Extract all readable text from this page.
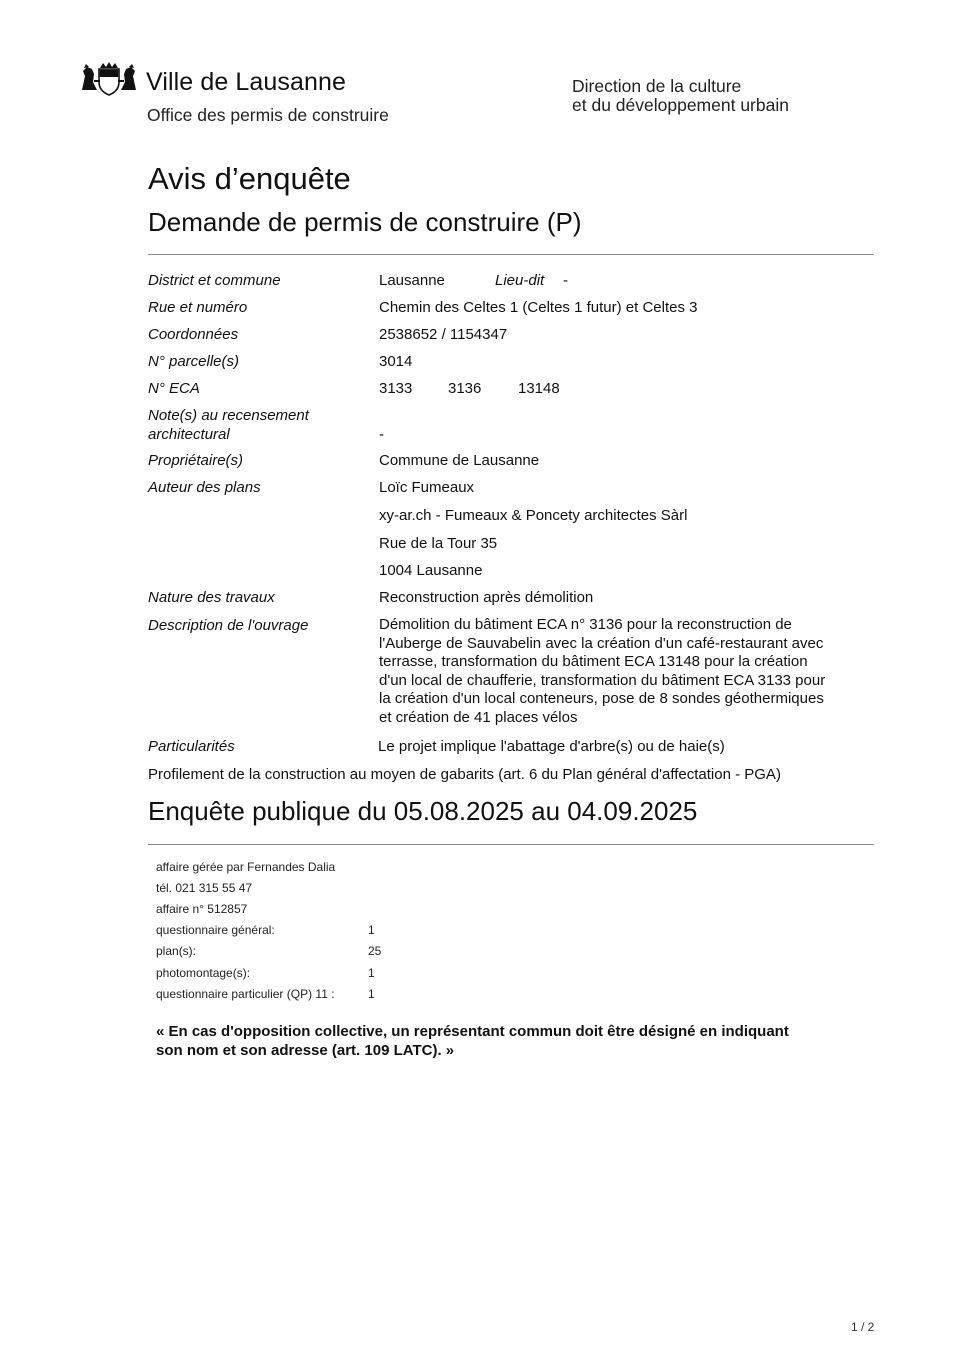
Ville de Lausanne
Office des permis de construire
Direction de la culture
et du développement urbain
Avis d’enquête
Demande de permis de construire (P)
District et commune	Lausanne	Lieu-dit -
Rue et numéro	Chemin des Celtes 1 (Celtes 1 futur) et Celtes 3
Coordonnées	2538652 / 1154347
N° parcelle(s)	3014
N° ECA	3133 3136 13148
Note(s) au recensement
architectural	-
Propriétaire(s)	Commune de Lausanne
Auteur des plans	Loïc Fumeaux
xy-ar.ch - Fumeaux & Poncety architectes Sàrl
Rue de la Tour 35
1004 Lausanne
Nature des travaux	Reconstruction après démolition
Description de l'ouvrage	Démolition du bâtiment ECA n° 3136 pour la reconstruction de
l'Auberge de Sauvabelin avec la création d'un café-restaurant avec
terrasse, transformation du bâtiment ECA 13148 pour la création
d'un local de chaufferie, transformation du bâtiment ECA 3133 pour
la création d'un local conteneurs, pose de 8 sondes géothermiques
et création de 41 places vélos
Particularités	Le projet implique l'abattage d'arbre(s) ou de haie(s)
Profilement de la construction au moyen de gabarits (art. 6 du Plan général d'affectation - PGA)
Enquête publique du 05.08.2025 au 04.09.2025
affaire gérée par Fernandes Dalia
tél. 021 315 55 47
affaire n° 512857
questionnaire général:	1
plan(s):	25
photomontage(s):	1
questionnaire particulier (QP) 11 :	1
« En cas d'opposition collective, un représentant commun doit être désigné en indiquant
son nom et son adresse (art. 109 LATC). »
1 / 2
